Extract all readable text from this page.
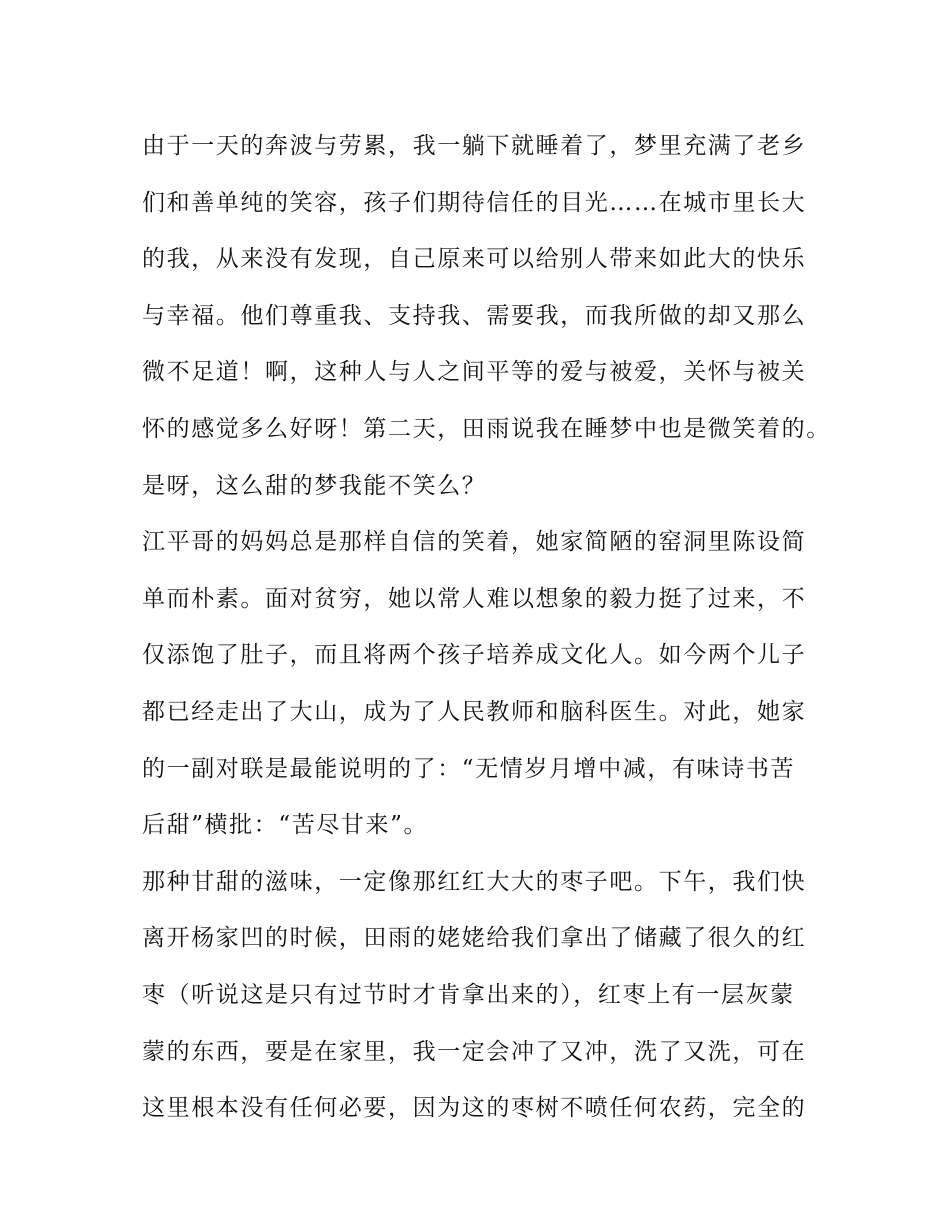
由于一天的奔波与劳累，我一躺下就睡着了，梦里充满了老乡
们和善单纯的笑容，孩子们期待信任的目光……在城市里长大
的我，从来没有发现，自己原来可以给别人带来如此大的快乐
与幸福。他们尊重我、支持我、需要我，而我所做的却又那么
微不足道！啊，这种人与人之间平等的爱与被爱，关怀与被关
怀的感觉多么好呀！第二天，田雨说我在睡梦中也是微笑着的。
是呀，这么甜的梦我能不笑么？
江平哥的妈妈总是那样自信的笑着，她家简陋的窑洞里陈设简
单而朴素。面对贫穷，她以常人难以想象的毅力挺了过来，不
仅添饱了肚子，而且将两个孩子培养成文化人。如今两个儿子
都已经走出了大山，成为了人民教师和脑科医生。对此，她家
的一副对联是最能说明的了：“无情岁月增中减，有味诗书苦
后甜”横批：“苦尽甘来”。
那种甘甜的滋味，一定像那红红大大的枣子吧。下午，我们快
离开杨家凹的时候，田雨的姥姥给我们拿出了储藏了很久的红
枣（听说这是只有过节时才肯拿出来的），红枣上有一层灰蒙
蒙的东西，要是在家里，我一定会冲了又冲，洗了又洗，可在
这里根本没有任何必要，因为这的枣树不喷任何农药，完全的
